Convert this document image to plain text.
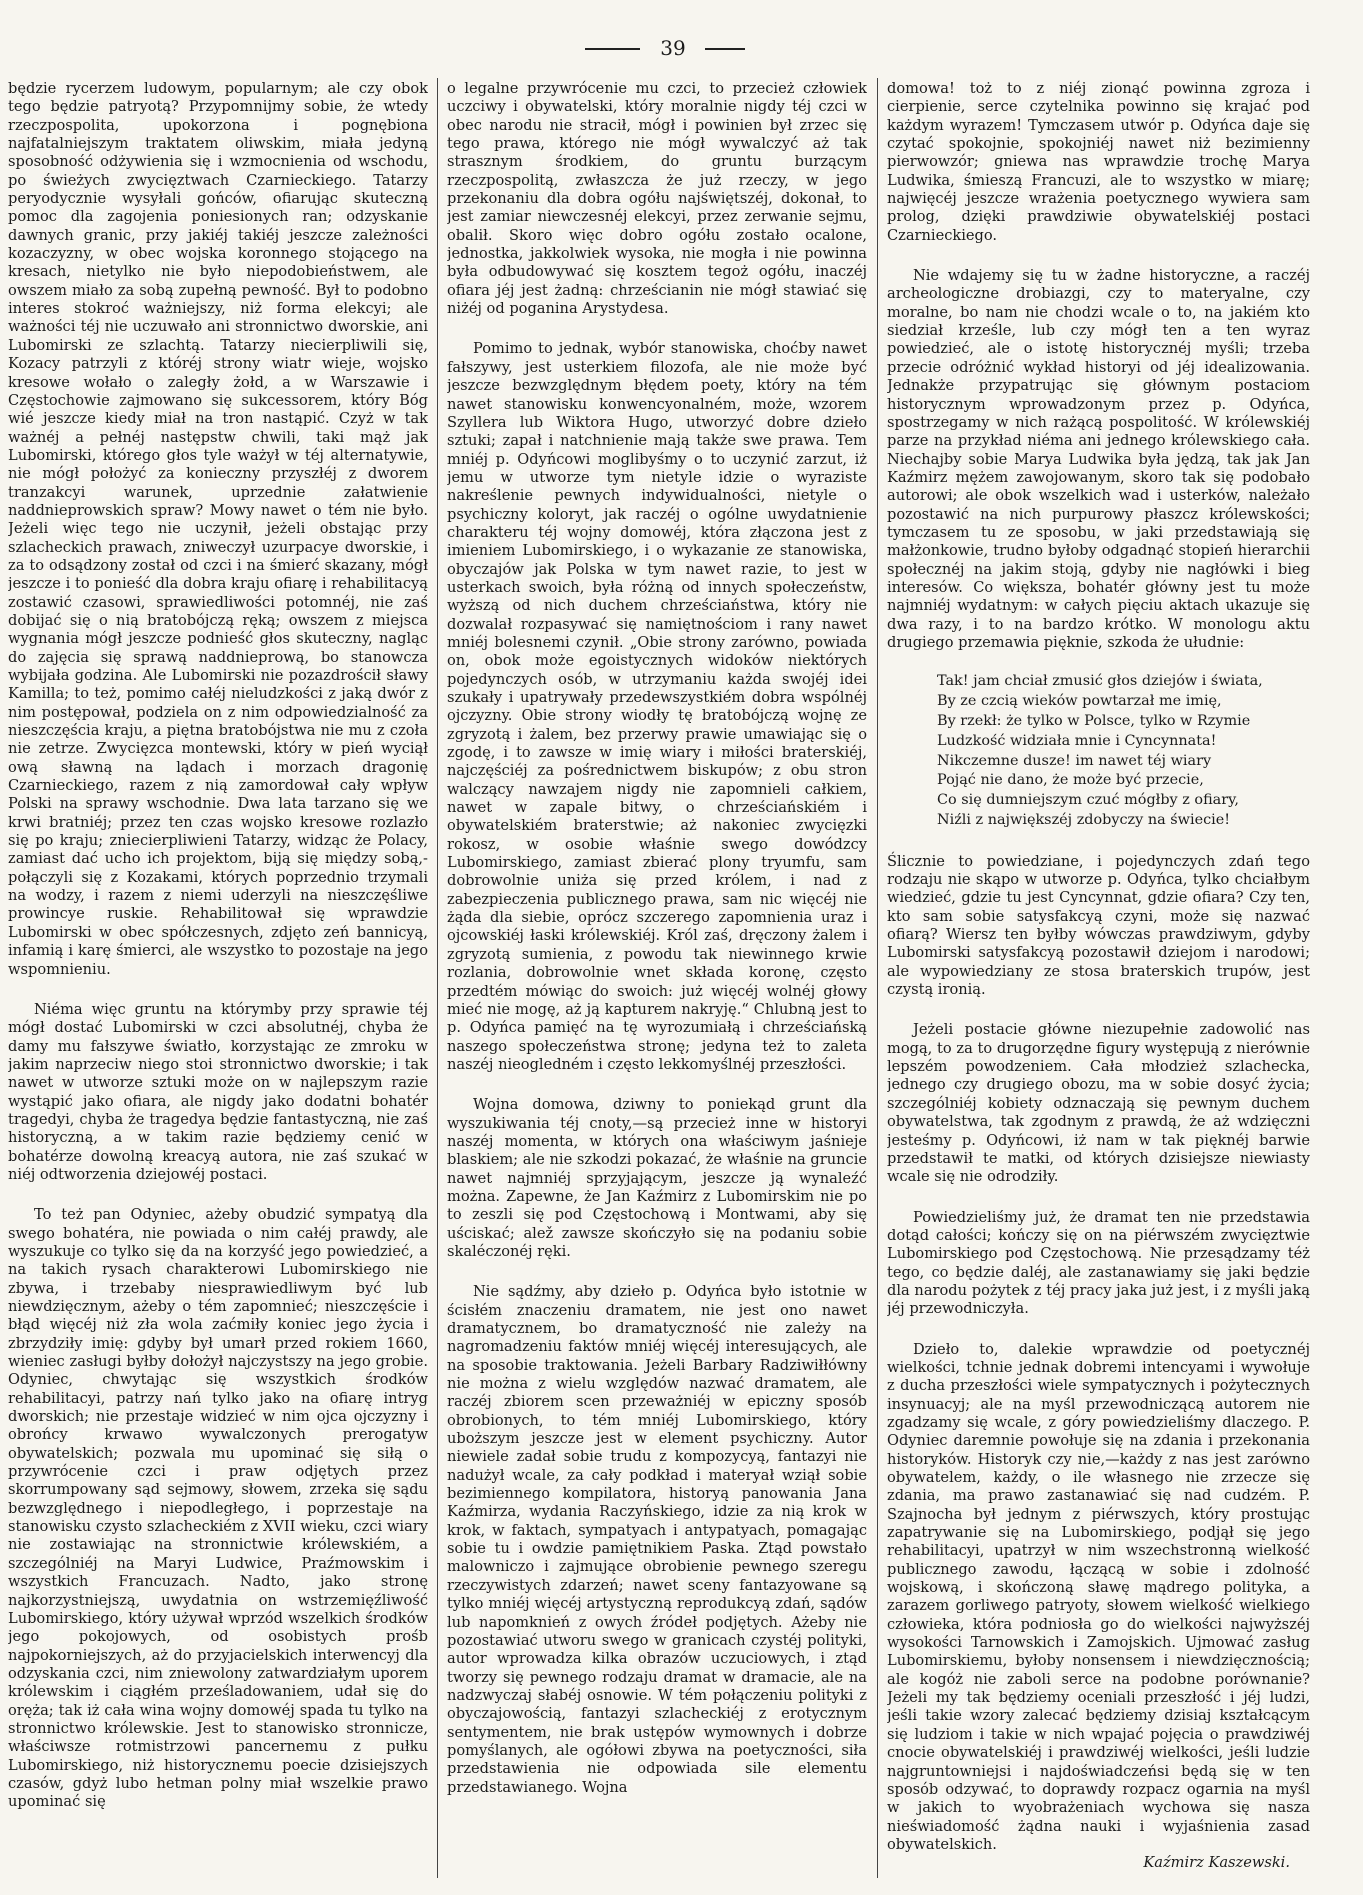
39

będzie rycerzem ludowym, popularnym; ale czy obok tego będzie patryotą? Przypomnijmy sobie, że wtedy rzeczpospolita, upokorzona i pognębiona najfatalniejszym traktatem oliwskim, miała jedyną sposobność odżywienia się i wzmocnienia od wschodu, po świeżych zwycięztwach Czarnieckiego. Tatarzy peryodycznie wysyłali gońców, ofiarując skuteczną pomoc dla zagojenia poniesionych ran; odzyskanie dawnych granic, przy jakiéj takiéj jeszcze zależności kozaczyzny, w obec wojska koronnego stojącego na kresach, nietylko nie było niepodobieństwem, ale owszem miało za sobą zupełną pewność. Był to podobno interes stokroć ważniejszy, niż forma elekcyi; ale ważności téj nie uczuwało ani stronnictwo dworskie, ani Lubomirski ze szlachtą. Tatarzy niecierpliwili się, Kozacy patrzyli z któréj strony wiatr wieje, wojsko kresowe wołało o zaległy żołd, a w Warszawie i Częstochowie zajmowano się sukcessorem, który Bóg wié jeszcze kiedy miał na tron nastąpić. Czyż w tak ważnéj a pełnéj następstw chwili, taki mąż jak Lubomirski, którego głos tyle ważył w téj alternatywie, nie mógł położyć za konieczny przyszłéj z dworem tranzakcyi warunek, uprzednie załatwienie naddnieprowskich spraw? Mowy nawet o tém nie było. Jeżeli więc tego nie uczynił, jeżeli obstając przy szlacheckich prawach, zniweczył uzurpacye dworskie, i za to odsądzony został od czci i na śmierć skazany, mógł jeszcze i to ponieść dla dobra kraju ofiarę i rehabilitacyą zostawić czasowi, sprawiedliwości potomnéj, nie zaś dobijać się o nią bratobójczą ręką; owszem z miejsca wygnania mógł jeszcze podnieść głos skuteczny, nagląc do zajęcia się sprawą naddnieprową, bo stanowcza wybijała godzina. Ale Lubomirski nie pozazdrościł sławy Kamilla; to też, pomimo całéj nieludzkości z jaką dwór z nim postępował, podziela on z nim odpowiedzialność za nieszczęścia kraju, a piętna bratobójstwa nie mu z czoła nie zetrze. Zwycięzca montewski, który w pień wyciął ową sławną na lądach i morzach dragonię Czarnieckiego, razem z nią zamordował cały wpływ Polski na sprawy wschodnie. Dwa lata tarzano się we krwi bratniéj; przez ten czas wojsko kresowe rozlazło się po kraju; zniecierpliwieni Tatarzy, widząc że Polacy, zamiast dać ucho ich projektom, biją się między sobą,-połączyli się z Kozakami, których poprzednio trzymali na wodzy, i razem z niemi uderzyli na nieszczęśliwe prowincye ruskie. Rehabilitował się wprawdzie Lubomirski w obec spółczesnych, zdjęto zeń bannicyą, infamią i karę śmierci, ale wszystko to pozostaje na jego wspomnieniu.

Niéma więc gruntu na którymby przy sprawie téj mógł dostać Lubomirski w czci absolutnéj, chyba że damy mu fałszywe światło, korzystając ze zmroku w jakim naprzeciw niego stoi stronnictwo dworskie; i tak nawet w utworze sztuki może on w najlepszym razie wystąpić jako ofiara, ale nigdy jako dodatni bohatér tragedyi, chyba że tragedya będzie fantastyczną, nie zaś historyczną, a w takim razie będziemy cenić w bohatérze dowolną kreacyą autora, nie zaś szukać w niéj odtworzenia dziejowéj postaci.

To też pan Odyniec, ażeby obudzić sympatyą dla swego bohatéra, nie powiada o nim całéj prawdy, ale wyszukuje co tylko się da na korzyść jego powiedzieć, a na takich rysach charakterowi Lubomirskiego nie zbywa, i trzebaby niesprawiedliwym być lub niewdzięcznym, ażeby o tém zapomnieć; nieszczęście i błąd więcéj niż zła wola zaćmiły koniec jego życia i zbrzydziły imię: gdyby był umarł przed rokiem 1660, wieniec zasługi byłby dołożył najczystszy na jego grobie. Odyniec, chwytając się wszystkich środków rehabilitacyi, patrzy nań tylko jako na ofiarę intryg dworskich; nie przestaje widzieć w nim ojca ojczyzny i obrońcy krwawo wywalczonych prerogatyw obywatelskich; pozwala mu upominać się siłą o przywrócenie czci i praw odjętych przez skorrumpowany sąd sejmowy, słowem, zrzeka się sądu bezwzględnego i niepodległego, i poprzestaje na stanowisku czysto szlacheckiém z XVII wieku, czci wiary nie zostawiając na stronnictwie królewskiém, a szczególniéj na Maryi Ludwice, Praźmowskim i wszystkich Francuzach. Nadto, jako stronę najkorzystniejszą, uwydatnia on wstrzemięźliwość Lubomirskiego, który używał wprzód wszelkich środków jego pokojowych, od osobistych prośb najpokorniejszych, aż do przyjacielskich interwencyj dla odzyskania czci, nim zniewolony zatwardziałym uporem królewskim i ciągłém prześladowaniem, udał się do oręża; tak iż cała wina wojny domowéj spada tu tylko na stronnictwo królewskie. Jest to stanowisko stronnicze, właściwsze rotmistrzowi pancernemu z pułku Lubomirskiego, niż historycznemu poecie dzisiejszych czasów, gdyż lubo hetman polny miał wszelkie prawo upominać się

o legalne przywrócenie mu czci, to przecież człowiek uczciwy i obywatelski, który moralnie nigdy téj czci w obec narodu nie stracił, mógł i powinien był zrzec się tego prawa, którego nie mógł wywalczyć aż tak strasznym środkiem, do gruntu burzącym rzeczpospolitą, zwłaszcza że już rzeczy, w jego przekonaniu dla dobra ogółu najświętszéj, dokonał, to jest zamiar niewczesnéj elekcyi, przez zerwanie sejmu, obalił. Skoro więc dobro ogółu zostało ocalone, jednostka, jakkolwiek wysoka, nie mogła i nie powinna była odbudowywać się kosztem tegoż ogółu, inaczéj ofiara jéj jest żadną: chrześcianin nie mógł stawiać się niżéj od poganina Arystydesa.

Pomimo to jednak, wybór stanowiska, choćby nawet fałszywy, jest usterkiem filozofa, ale nie może być jeszcze bezwzględnym błędem poety, który na tém nawet stanowisku konwencyonalném, może, wzorem Szyllera lub Wiktora Hugo, utworzyć dobre dzieło sztuki; zapał i natchnienie mają także swe prawa. Tem mniéj p. Odyńcowi moglibyśmy o to uczynić zarzut, iż jemu w utworze tym nietyle idzie o wyraziste nakreślenie pewnych indywidualności, nietyle o psychiczny koloryt, jak raczéj o ogólne uwydatnienie charakteru téj wojny domowéj, która złączona jest z imieniem Lubomirskiego, i o wykazanie ze stanowiska, obyczajów jak Polska w tym nawet razie, to jest w usterkach swoich, była różną od innych społeczeństw, wyższą od nich duchem chrześciaństwa, który nie dozwalał rozpasywać się namiętnościom i rany nawet mniéj bolesnemi czynił. „Obie strony zarówno, powiada on, obok może egoistycznych widoków niektórych pojedynczych osób, w utrzymaniu każda swojéj idei szukały i upatrywały przedewszystkiém dobra wspólnéj ojczyzny. Obie strony wiodły tę bratobójczą wojnę ze zgryzotą i żalem, bez przerwy prawie umawiając się o zgodę, i to zawsze w imię wiary i miłości braterskiéj, najczęściéj za pośrednictwem biskupów; z obu stron walczący nawzajem nigdy nie zapomnieli całkiem, nawet w zapale bitwy, o chrześciańskiém i obywatelskiém braterstwie; aż nakoniec zwycięzki rokosz, w osobie właśnie swego dowódzcy Lubomirskiego, zamiast zbierać plony tryumfu, sam dobrowolnie uniża się przed królem, i nad z zabezpieczenia publicznego prawa, sam nic więcéj nie żąda dla siebie, oprócz szczerego zapomnienia uraz i ojcowskiéj łaski królewskiéj. Król zaś, dręczony żalem i zgryzotą sumienia, z powodu tak niewinnego krwie rozlania, dobrowolnie wnet składa koronę, często przedtém mówiąc do swoich: już więcéj wolnéj głowy mieć nie mogę, aż ją kapturem nakryję.“ Chlubną jest to p. Odyńca pamięć na tę wyrozumiałą i chrześciańską naszego społeczeństwa stronę; jedyna też to zaleta naszéj nieogledném i często lekkomyślnéj przeszłości.

Wojna domowa, dziwny to poniekąd grunt dla wyszukiwania téj cnoty,—są przecież inne w historyi naszéj momenta, w których ona właściwym jaśnieje blaskiem; ale nie szkodzi pokazać, że właśnie na gruncie nawet najmniéj sprzyjającym, jeszcze ją wynaleźć można. Zapewne, że Jan Kaźmirz z Lubomirskim nie po to zeszli się pod Częstochową i Montwami, aby się uściskać; alež zawsze skończyło się na podaniu sobie skaléczonéj ręki.

Nie sądźmy, aby dzieło p. Odyńca było istotnie w ścisłém znaczeniu dramatem, nie jest ono nawet dramatycznem, bo dramatyczność nie zależy na nagromadzeniu faktów mniéj więcéj interesujących, ale na sposobie traktowania. Jeżeli Barbary Radziwiłłówny nie można z wielu względów nazwać dramatem, ale raczéj zbiorem scen przeważniéj w epiczny sposób obrobionych, to tém mniéj Lubomirskiego, który uboższym jeszcze jest w element psychiczny. Autor niewiele zadał sobie trudu z kompozycyą, fantazyi nie nadużył wcale, za cały podkład i materyał wziął sobie bezimiennego kompilatora, historyą panowania Jana Kaźmirza, wydania Raczyńskiego, idzie za nią krok w krok, w faktach, sympatyach i antypatyach, pomagając sobie tu i owdzie pamiętnikiem Paska. Ztąd powstało malowniczo i zajmujące obrobienie pewnego szeregu rzeczywistych zdarzeń; nawet sceny fantazyowane są tylko mniéj więcéj artystyczną reprodukcyą zdań, sądów lub napomknień z owych źródeł podjętych. Ażeby nie pozostawiać utworu swego w granicach czystéj polityki, autor wprowadza kilka obrazów uczuciowych, i ztąd tworzy się pewnego rodzaju dramat w dramacie, ale na nadzwyczaj słabéj osnowie. W tém połączeniu polityki z obyczajowością, fantazyi szlacheckiéj z erotycznym sentymentem, nie brak ustępów wymownych i dobrze pomyślanych, ale ogółowi zbywa na poetyczności, siła przedstawienia nie odpowiada sile elementu przedstawianego. Wojna

domowa! toż to z niéj zionąć powinna zgroza i cierpienie, serce czytelnika powinno się krajać pod każdym wyrazem! Tymczasem utwór p. Odyńca daje się czytać spokojnie, spokojniéj nawet niż bezimienny pierwowzór; gniewa nas wprawdzie trochę Marya Ludwika, śmieszą Francuzi, ale to wszystko w miarę; najwięcéj jeszcze wrażenia poetycznego wywiera sam prolog, dzięki prawdziwie obywatelskiéj postaci Czarnieckiego.

Nie wdajemy się tu w żadne historyczne, a raczéj archeologiczne drobiazgi, czy to materyalne, czy moralne, bo nam nie chodzi wcale o to, na jakiém kto siedział krześle, lub czy mógł ten a ten wyraz powiedzieć, ale o istotę historycznéj myśli; trzeba przecie odróżnić wykład historyi od jéj idealizowania. Jednakże przypatrując się głównym postaciom historycznym wprowadzonym przez p. Odyńca, spostrzegamy w nich rażącą pospolitość. W królewskiéj parze na przykład niéma ani jednego królewskiego cała. Niechajby sobie Marya Ludwika była jędzą, tak jak Jan Kaźmirz mężem zawojowanym, skoro tak się podobało autorowi; ale obok wszelkich wad i usterków, należało pozostawić na nich purpurowy płaszcz królewskości; tymczasem tu ze sposobu, w jaki przedstawiają się małżonkowie, trudno byłoby odgadnąć stopień hierarchii społecznéj na jakim stoją, gdyby nie nagłówki i bieg interesów. Co większa, bohatér główny jest tu może najmniéj wydatnym: w całych pięciu aktach ukazuje się dwa razy, i to na bardzo krótko. W monologu aktu drugiego przemawia pięknie, szkoda że ułudnie:

Tak! jam chciał zmusić głos dziejów i świata,
By ze czcią wieków powtarzał me imię,
By rzekł: że tylko w Polsce, tylko w Rzymie
Ludzkość widziała mnie i Cyncynnata!
Nikczemne dusze! im nawet téj wiary
Pojąć nie dano, że może być przecie,
Co się dumniejszym czuć mógłby z ofiary,
Niźli z największéj zdobyczy na świecie!

Ślicznie to powiedziane, i pojedynczych zdań tego rodzaju nie skąpo w utworze p. Odyńca, tylko chciałbym wiedzieć, gdzie tu jest Cyncynnat, gdzie ofiara? Czy ten, kto sam sobie satysfakcyą czyni, może się nazwać ofiarą? Wiersz ten byłby wówczas prawdziwym, gdyby Lubomirski satysfakcyą pozostawił dziejom i narodowi; ale wypowiedziany ze stosa braterskich trupów, jest czystą ironią.

Jeżeli postacie główne niezupełnie zadowolić nas mogą, to za to drugorzędne figury występują z nierównie lepszém powodzeniem. Cała młodzież szlachecka, jednego czy drugiego obozu, ma w sobie dosyć życia; szczególniéj kobiety odznaczają się pewnym duchem obywatelstwa, tak zgodnym z prawdą, że aż wdzięczni jesteśmy p. Odyńcowi, iż nam w tak pięknéj barwie przedstawił te matki, od których dzisiejsze niewiasty wcale się nie odrodziły.

Powiedzieliśmy już, że dramat ten nie przedstawia dotąd całości; kończy się on na piérwszém zwycięztwie Lubomirskiego pod Częstochową. Nie przesądzamy téż tego, co będzie daléj, ale zastanawiamy się jaki będzie dla narodu pożytek z téj pracy jaka już jest, i z myśli jaką jéj przewodniczyła.

Dzieło to, dalekie wprawdzie od poetycznéj wielkości, tchnie jednak dobremi intencyami i wywołuje z ducha przeszłości wiele sympatycznych i pożytecznych insynuacyj; ale na myśl przewodniczącą autorem nie zgadzamy się wcale, z góry powiedzieliśmy dlaczego. P. Odyniec daremnie powołuje się na zdania i przekonania historyków. Historyk czy nie,—każdy z nas jest zarówno obywatelem, każdy, o ile własnego nie zrzecze się zdania, ma prawo zastanawiać się nad cudzém. P. Szajnocha był jednym z piérwszych, który prostując zapatrywanie się na Lubomirskiego, podjął się jego rehabilitacyi, upatrzył w nim wszechstronną wielkość publicznego zawodu, łączącą w sobie i zdolność wojskową, i skończoną sławę mądrego polityka, a zarazem gorliwego patryoty, słowem wielkość wielkiego człowieka, która podniosła go do wielkości najwyższéj wysokości Tarnowskich i Zamojskich. Ujmować zasług Lubomirskiemu, byłoby nonsensem i niewdzięcznością; ale kogóż nie zaboli serce na podobne porównanie? Jeżeli my tak będziemy oceniali przeszłość i jéj ludzi, jeśli takie wzory zalecać będziemy dzisiaj kształcącym się ludziom i takie w nich wpajać pojęcia o prawdziwéj cnocie obywatelskiéj i prawdziwéj wielkości, jeśli ludzie najgruntowniejsi i najdoświadczeńsi będą się w ten sposób odzywać, to doprawdy rozpacz ogarnia na myśl w jakich to wyobrażeniach wychowa się nasza nieświadomość żądna nauki i wyjaśnienia zasad obywatelskich.

Kaźmirz Kaszewski.
